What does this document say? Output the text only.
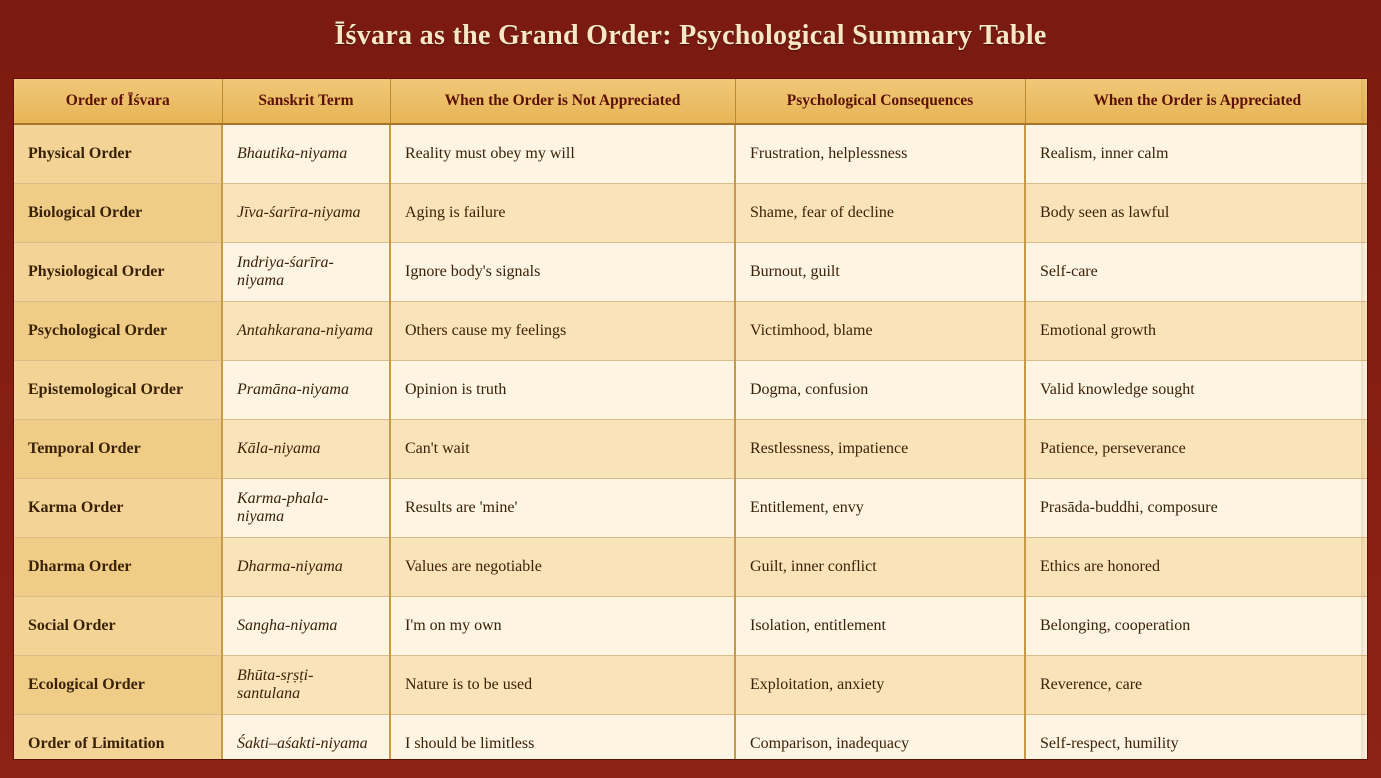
Īśvara as the Grand Order: Psychological Summary Table
Order of Īśvara	Sanskrit Term	When the Order is Not Appreciated	Psychological Consequences	When the Order is Appreciated
Physical Order	Bhautika-niyama	Reality must obey my will	Frustration, helplessness	Realism, inner calm
Biological Order	Jīva-śarīra-niyama	Aging is failure	Shame, fear of decline	Body seen as lawful
Physiological Order	Indriya-śarīra-niyama	Ignore body's signals	Burnout, guilt	Self-care
Psychological Order	Antahkarana-niyama	Others cause my feelings	Victimhood, blame	Emotional growth
Epistemological Order	Pramāna-niyama	Opinion is truth	Dogma, confusion	Valid knowledge sought
Temporal Order	Kāla-niyama	Can't wait	Restlessness, impatience	Patience, perseverance
Karma Order	Karma-phala-niyama	Results are 'mine'	Entitlement, envy	Prasāda-buddhi, composure
Dharma Order	Dharma-niyama	Values are negotiable	Guilt, inner conflict	Ethics are honored
Social Order	Sangha-niyama	I'm on my own	Isolation, entitlement	Belonging, cooperation
Ecological Order	Bhūta-sṛṣṭi-santulana	Nature is to be used	Exploitation, anxiety	Reverence, care
Order of Limitation	Śakti–aśakti-niyama	I should be limitless	Comparison, inadequacy	Self-respect, humility
